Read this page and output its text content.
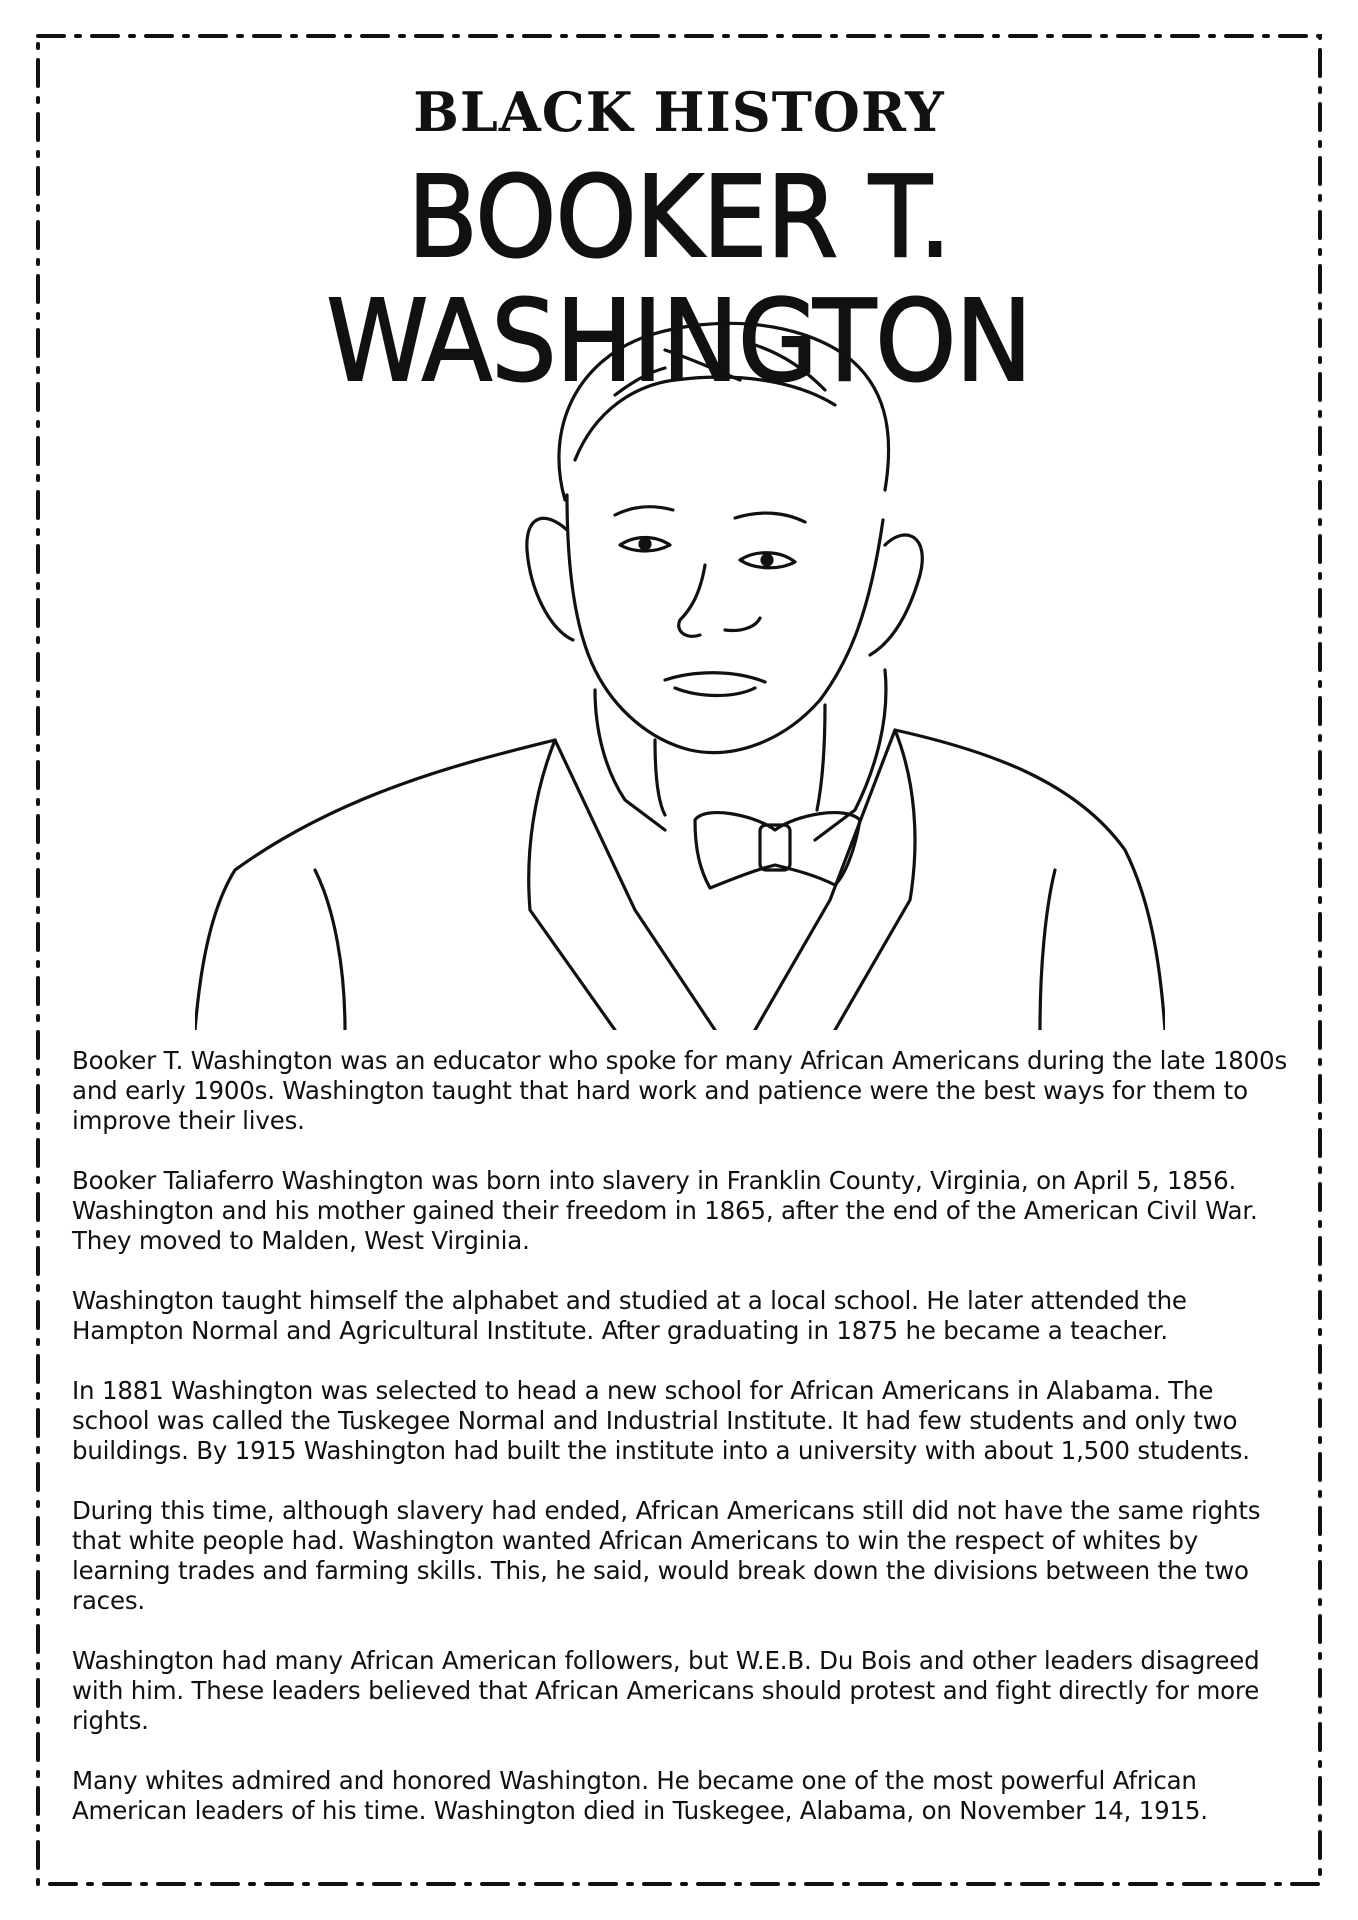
BLACK HISTORY
BOOKER T. WASHINGTON

Booker T. Washington was an educator who spoke for many African Americans during the late 1800s and early 1900s. Washington taught that hard work and patience were the best ways for them to improve their lives.

Booker Taliaferro Washington was born into slavery in Franklin County, Virginia, on April 5, 1856. Washington and his mother gained their freedom in 1865, after the end of the American Civil War. They moved to Malden, West Virginia.

Washington taught himself the alphabet and studied at a local school. He later attended the Hampton Normal and Agricultural Institute. After graduating in 1875 he became a teacher.

In 1881 Washington was selected to head a new school for African Americans in Alabama. The school was called the Tuskegee Normal and Industrial Institute. It had few students and only two buildings. By 1915 Washington had built the institute into a university with about 1,500 students.

During this time, although slavery had ended, African Americans still did not have the same rights that white people had. Washington wanted African Americans to win the respect of whites by learning trades and farming skills. This, he said, would break down the divisions between the two races.

Washington had many African American followers, but W.E.B. Du Bois and other leaders disagreed with him. These leaders believed that African Americans should protest and fight directly for more rights.

Many whites admired and honored Washington. He became one of the most powerful African American leaders of his time. Washington died in Tuskegee, Alabama, on November 14, 1915.
